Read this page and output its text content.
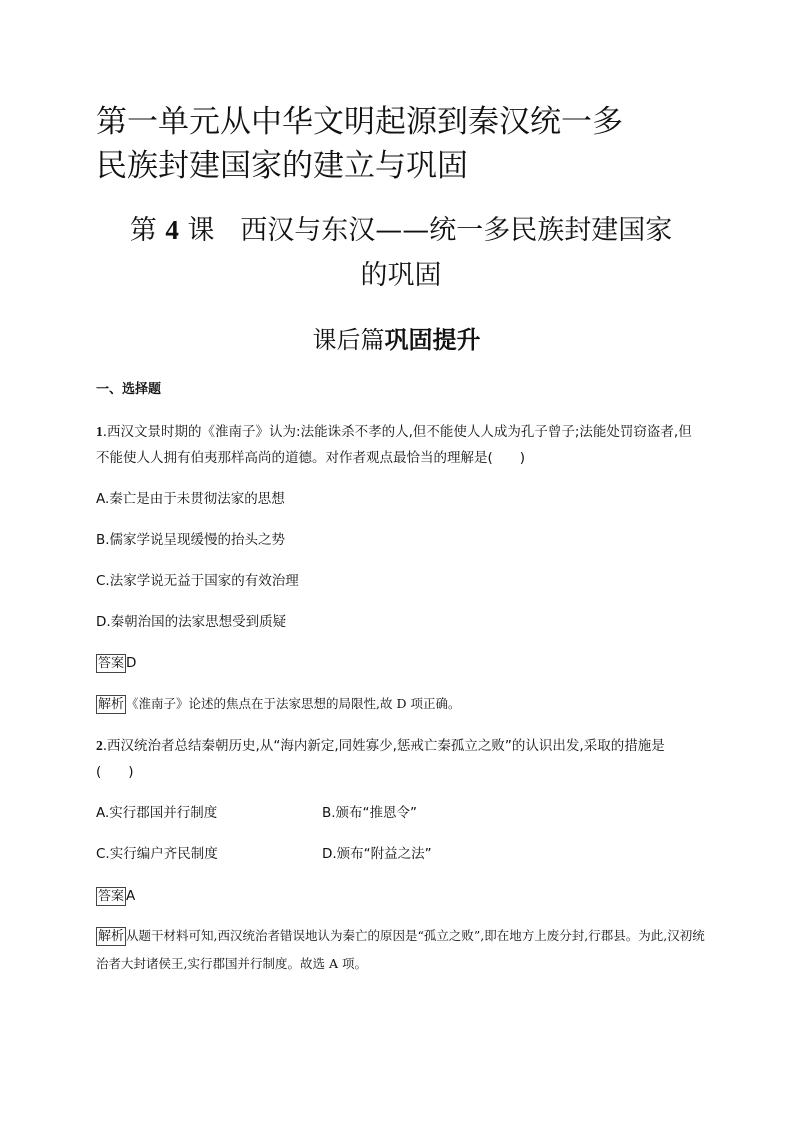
第一单元从中华文明起源到秦汉统一多
民族封建国家的建立与巩固
第 4 课 西汉与东汉——统一多民族封建国家
的巩固
课后篇巩固提升
一、选择题
1.西汉文景时期的《淮南子》认为:法能诛杀不孝的人,但不能使人人成为孔子曾子;法能处罚窃盗者,但不能使人人拥有伯夷那样高尚的道德。对作者观点最恰当的理解是(　　)
A.秦亡是由于未贯彻法家的思想
B.儒家学说呈现缓慢的抬头之势
C.法家学说无益于国家的有效治理
D.秦朝治国的法家思想受到质疑
答案 D
解析 《淮南子》论述的焦点在于法家思想的局限性,故 D 项正确。
2.西汉统治者总结秦朝历史,从“海内新定,同姓寡少,惩戒亡秦孤立之败”的认识出发,采取的措施是(　　)
A.实行郡国并行制度	B.颁布“推恩令”
C.实行编户齐民制度	D.颁布“附益之法”
答案 A
解析 从题干材料可知,西汉统治者错误地认为秦亡的原因是“孤立之败”,即在地方上废分封,行郡县。为此,汉初统治者大封诸侯王,实行郡国并行制度。故选 A 项。
